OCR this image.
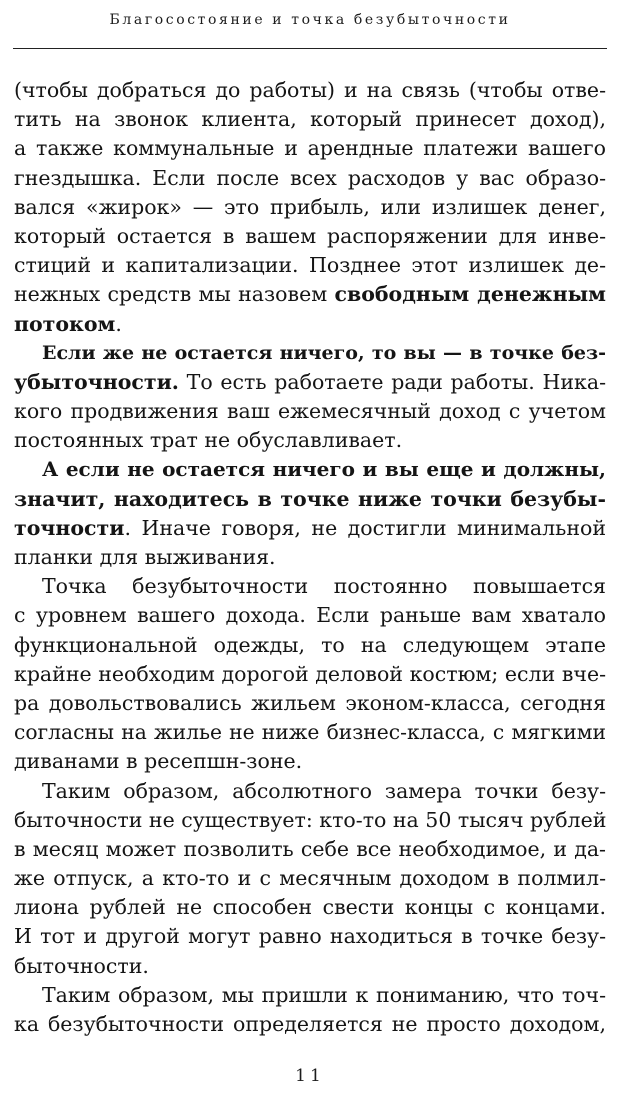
Благосостояние и точка безубыточности
(чтобы добраться до работы) и на связь (чтобы отве-
тить на звонок клиента, который принесет доход),
а также коммунальные и арендные платежи вашего
гнездышка. Если после всех расходов у вас образо-
вался «жирок» — это прибыль, или излишек денег,
который остается в вашем распоряжении для инве-
стиций и капитализации. Позднее этот излишек де-
нежных средств мы назовем свободным денежным
потоком.
Если же не остается ничего, то вы — в точке без-
убыточности. То есть работаете ради работы. Ника-
кого продвижения ваш ежемесячный доход с учетом
постоянных трат не обуславливает.
А если не остается ничего и вы еще и должны,
значит, находитесь в точке ниже точки безубы-
точности. Иначе говоря, не достигли минимальной
планки для выживания.
Точка безубыточности постоянно повышается
с уровнем вашего дохода. Если раньше вам хватало
функциональной одежды, то на следующем этапе
крайне необходим дорогой деловой костюм; если вче-
ра довольствовались жильем эконом-класса, сегодня
согласны на жилье не ниже бизнес-класса, с мягкими
диванами в ресепшн-зоне.
Таким образом, абсолютного замера точки безу-
быточности не существует: кто-то на 50 тысяч рублей
в месяц может позволить себе все необходимое, и да-
же отпуск, а кто-то и с месячным доходом в полмил-
лиона рублей не способен свести концы с концами.
И тот и другой могут равно находиться в точке безу-
быточности.
Таким образом, мы пришли к пониманию, что точ-
ка безубыточности определяется не просто доходом,
11
